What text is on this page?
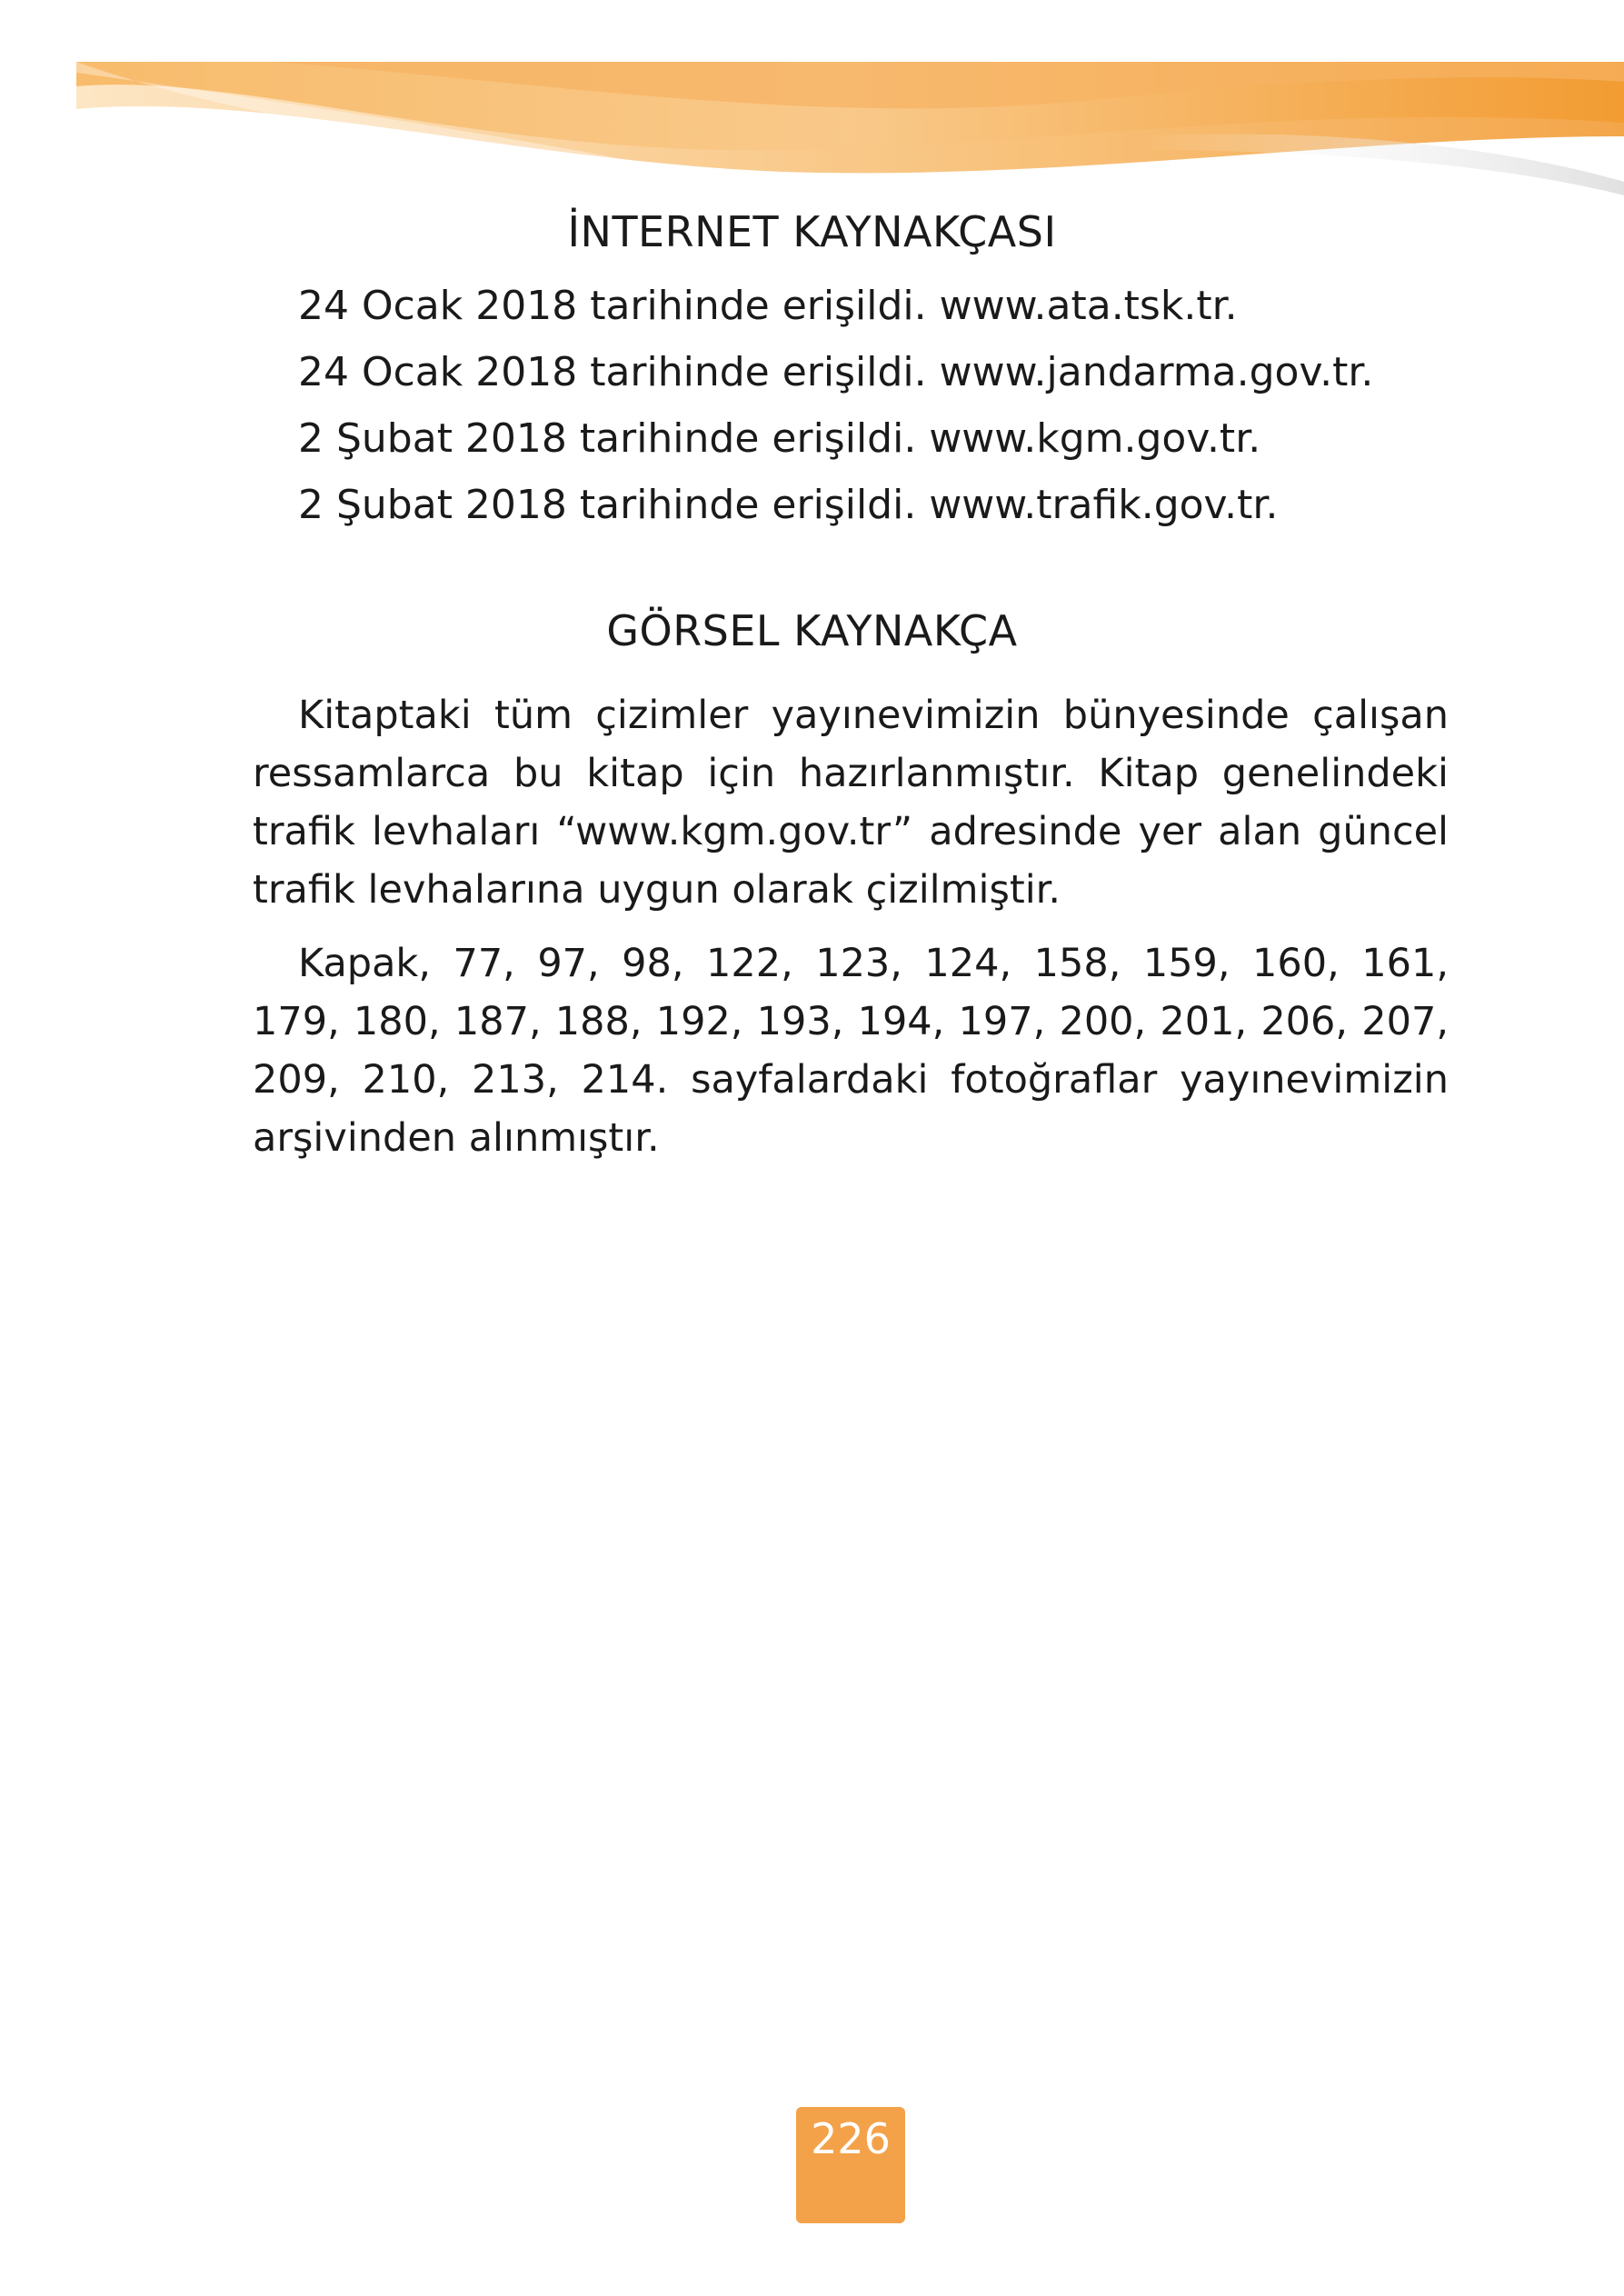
İNTERNET KAYNAKÇASI
24 Ocak 2018 tarihinde erişildi. www.ata.tsk.tr.
24 Ocak 2018 tarihinde erişildi. www.jandarma.gov.tr.
2 Şubat 2018 tarihinde erişildi. www.kgm.gov.tr.
2 Şubat 2018 tarihinde erişildi. www.trafik.gov.tr.
GÖRSEL KAYNAKÇA

Kitaptaki tüm çizimler yayınevimizin bünyesinde çalışan ressamlarca bu kitap için hazırlanmıştır. Kitap genelindeki trafik levhaları “www.kgm.gov.tr” adresinde yer alan güncel trafik levhalarına uygun olarak çizilmiştir.

Kapak, 77, 97, 98, 122, 123, 124, 158, 159, 160, 161, 179, 180, 187, 188, 192, 193, 194, 197, 200, 201, 206, 207, 209, 210, 213, 214. sayfalardaki fotoğraflar yayınevimizin arşivinden alınmıştır.

226
